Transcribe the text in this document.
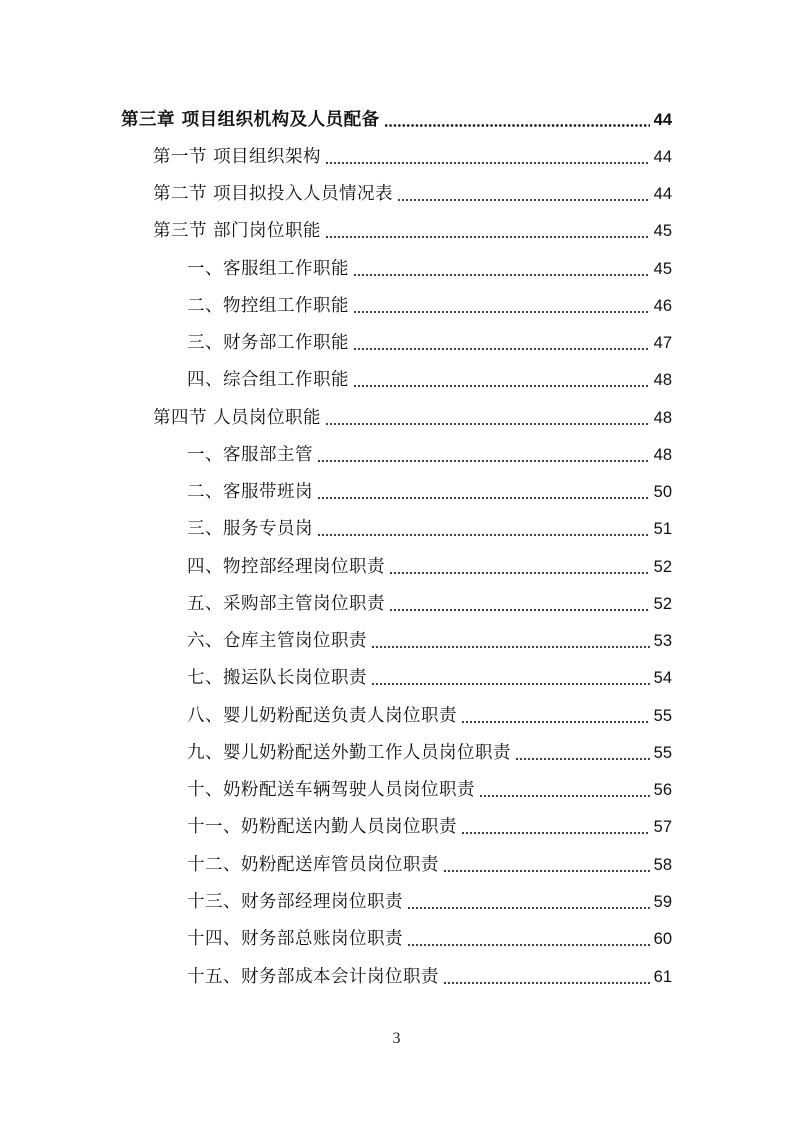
第三章 项目组织机构及人员配备	44
第一节 项目组织架构	44
第二节 项目拟投入人员情况表	44
第三节 部门岗位职能	45
一、客服组工作职能	45
二、物控组工作职能	46
三、财务部工作职能	47
四、综合组工作职能	48
第四节 人员岗位职能	48
一、客服部主管	48
二、客服带班岗	50
三、服务专员岗	51
四、物控部经理岗位职责	52
五、采购部主管岗位职责	52
六、仓库主管岗位职责	53
七、搬运队长岗位职责	54
八、婴儿奶粉配送负责人岗位职责	55
九、婴儿奶粉配送外勤工作人员岗位职责	55
十、奶粉配送车辆驾驶人员岗位职责	56
十一、奶粉配送内勤人员岗位职责	57
十二、奶粉配送库管员岗位职责	58
十三、财务部经理岗位职责	59
十四、财务部总账岗位职责	60
十五、财务部成本会计岗位职责	61
3
